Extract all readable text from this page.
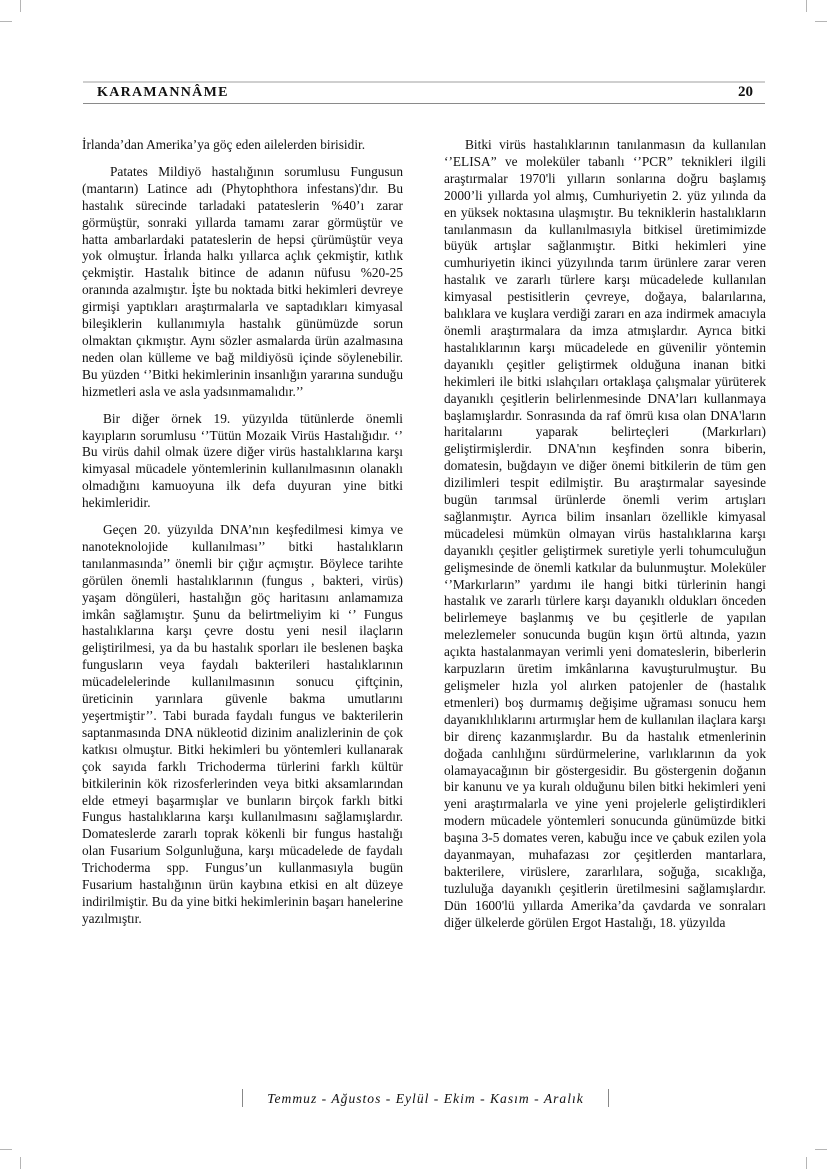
KARAMANNÂME	20

İrlanda’dan Amerika’ya göç eden ailelerden birisidir.

Patates Mildiyö hastalığının sorumlusu Fungusun (mantarın) Latince adı (Phytophthora infestans)'dır. Bu hastalık sürecinde tarladaki patateslerin %40’ı zarar görmüştür, sonraki yıllarda tamamı zarar görmüştür ve hatta ambarlardaki patateslerin de hepsi çürümüştür veya yok olmuştur. İrlanda halkı yıllarca açlık çekmiştir, kıtlık çekmiştir. Hastalık bitince de adanın nüfusu %20-25 oranında azalmıştır. İşte bu noktada bitki hekimleri devreye girmişi yaptıkları araştırmalarla ve saptadıkları kimyasal bileşiklerin kullanımıyla hastalık günümüzde sorun olmaktan çıkmıştır. Aynı sözler asmalarda ürün azalmasına neden olan külleme ve bağ mildiyösü içinde söylenebilir. Bu yüzden ‘’Bitki hekimlerinin insanlığın yararına sunduğu hizmetleri asla ve asla yadsınmamalıdır.’’

Bir diğer örnek 19. yüzyılda tütünlerde önemli kayıpların sorumlusu ‘’Tütün Mozaik Virüs Hastalığıdır. ‘’ Bu virüs dahil olmak üzere diğer virüs hastalıklarına karşı kimyasal mücadele yöntemlerinin kullanılmasının olanaklı olmadığını kamuoyuna ilk defa duyuran yine bitki hekimleridir.

Geçen 20. yüzyılda DNA’nın keşfedilmesi kimya ve nanoteknolojide kullanılması’’ bitki hastalıkların tanılanmasında’’ önemli bir çığır açmıştır. Böylece tarihte görülen önemli hastalıklarının (fungus , bakteri, virüs) yaşam döngüleri, hastalığın göç haritasını anlamamıza imkân sağlamıştır. Şunu da belirtmeliyim ki ‘’ Fungus hastalıklarına karşı çevre dostu yeni nesil ilaçların geliştirilmesi, ya da bu hastalık sporları ile beslenen başka fungusların veya faydalı bakterileri hastalıklarının mücadelelerinde kullanılmasının sonucu çiftçinin, üreticinin yarınlara güvenle bakma umutlarını yeşertmiştir’’. Tabi burada faydalı fungus ve bakterilerin saptanmasında DNA nükleotid dizinim analizlerinin de çok katkısı olmuştur. Bitki hekimleri bu yöntemleri kullanarak çok sayıda farklı Trichoderma türlerini farklı kültür bitkilerinin kök rizosferlerinden veya bitki aksamlarından elde etmeyi başarmışlar ve bunların birçok farklı bitki Fungus hastalıklarına karşı kullanılmasını sağlamışlardır. Domateslerde zararlı toprak kökenli bir fungus hastalığı olan Fusarium Solgunluğuna, karşı mücadelede de faydalı Trichoderma spp. Fungus’un kullanmasıyla bugün Fusarium hastalığının ürün kaybına etkisi en alt düzeye indirilmiştir. Bu da yine bitki hekimlerinin başarı hanelerine yazılmıştır.

Bitki virüs hastalıklarının tanılanmasın da kullanılan ‘’ELISA” ve moleküler tabanlı ‘’PCR” teknikleri ilgili araştırmalar 1970'li yılların sonlarına doğru başlamış 2000’li yıllarda yol almış, Cumhuriyetin 2. yüz yılında da en yüksek noktasına ulaşmıştır. Bu tekniklerin hastalıkların tanılanmasın da kullanılmasıyla bitkisel üretimimizde büyük artışlar sağlanmıştır. Bitki hekimleri yine cumhuriyetin ikinci yüzyılında tarım ürünlere zarar veren hastalık ve zararlı türlere karşı mücadelede kullanılan kimyasal pestisitlerin çevreye, doğaya, balarılarına, balıklara ve kuşlara verdiği zararı en aza indirmek amacıyla önemli araştırmalara da imza atmışlardır. Ayrıca bitki hastalıklarının karşı mücadelede en güvenilir yöntemin dayanıklı çeşitler geliştirmek olduğuna inanan bitki hekimleri ile bitki ıslahçıları ortaklaşa çalışmalar yürüterek dayanıklı çeşitlerin belirlenmesinde DNA’ları kullanmaya başlamışlardır. Sonrasında da raf ömrü kısa olan DNA'ların haritalarını yaparak belirteçleri (Markırları) geliştirmişlerdir. DNA'nın keşfinden sonra biberin, domatesin, buğdayın ve diğer önemi bitkilerin de tüm gen dizilimleri tespit edilmiştir. Bu araştırmalar sayesinde bugün tarımsal ürünlerde önemli verim artışları sağlanmıştır. Ayrıca bilim insanları özellikle kimyasal mücadelesi mümkün olmayan virüs hastalıklarına karşı dayanıklı çeşitler geliştirmek suretiyle yerli tohumculuğun gelişmesinde de önemli katkılar da bulunmuştur. Moleküler ‘’Markırların” yardımı ile hangi bitki türlerinin hangi hastalık ve zararlı türlere karşı dayanıklı oldukları önceden belirlemeye başlanmış ve bu çeşitlerle de yapılan melezlemeler sonucunda bugün kışın örtü altında, yazın açıkta hastalanmayan verimli yeni domateslerin, biberlerin karpuzların üretim imkânlarına kavuşturulmuştur. Bu gelişmeler hızla yol alırken patojenler de (hastalık etmenleri) boş durmamış değişime uğraması sonucu hem dayanıklılıklarını artırmışlar hem de kullanılan ilaçlara karşı bir direnç kazanmışlardır. Bu da hastalık etmenlerinin doğada canlılığını sürdürmelerine, varlıklarının da yok olamayacağının bir göstergesidir. Bu göstergenin doğanın bir kanunu ve ya kuralı olduğunu bilen bitki hekimleri yeni yeni araştırmalarla ve yine yeni projelerle geliştirdikleri modern mücadele yöntemleri sonucunda günümüzde bitki başına 3-5 domates veren, kabuğu ince ve çabuk ezilen yola dayanmayan, muhafazası zor çeşitlerden mantarlara, bakterilere, virüslere, zararlılara, soğuğa, sıcaklığa, tuzluluğa dayanıklı çeşitlerin üretilmesini sağlamışlardır. Dün 1600'lü yıllarda Amerika’da çavdarda ve sonraları diğer ülkelerde görülen Ergot Hastalığı, 18. yüzyılda

Temmuz - Ağustos - Eylül - Ekim - Kasım - Aralık
